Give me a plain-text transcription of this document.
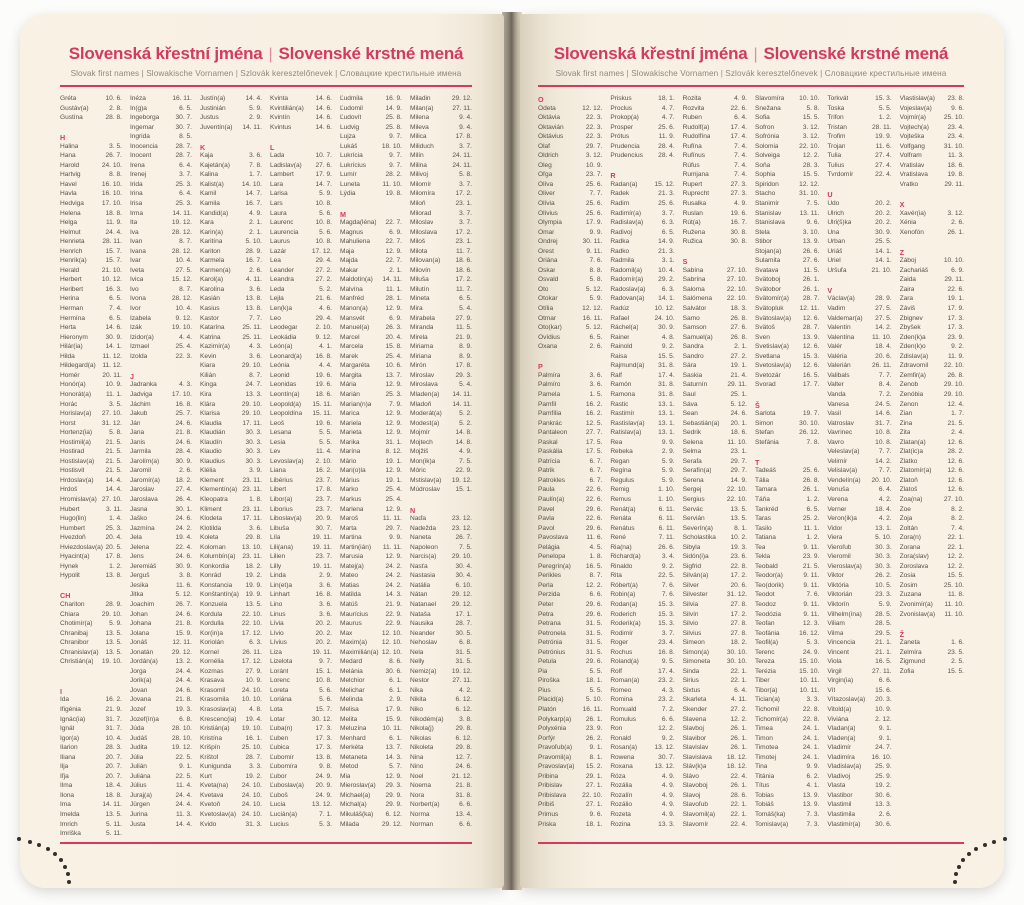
Slovenská křestní jména | Slovenské krstné mená
Slovak first names | Slowakische Vornamen | Szlovák keresztelőnevek | Словацкие крестильные имена
Gréta	10. 6.
Gustáv(a)	2. 8.
Gustína	28. 8.
H
Halina	3. 5.
Hana	26. 7.
Harold	24. 10.
Hartvig	8. 8.
Havel	16. 10.
Havla	16. 10.
Hedviga	17. 10.
Helena	18. 8.
Helga	11. 9.
Helmut	24. 4.
Henrieta	28. 11.
Henrich	15. 7.
Henrik(a)	15. 7.
Herald	21. 10.
Herbert	10. 12.
Heribert	16. 3.
Herina	6. 5.
Herman	7. 4.
Hermína	6. 5.
Herta	14. 6.
Hieronym	30. 9.
Hilár(ia)	14. 1.
Hilda	11. 12.
Hildegard(a) 11. 12.
Homér	20. 11.
Honór(a)	10. 9.
Honorát(a) 11. 1.
Horác	3. 5.
Horislav(a) 27. 10.
Horst	31. 12.
Hortenz(ia)	5. 8.
Hostimil(a) 21. 5.
Hostirad	21. 5.
Hostislav(a) 21. 5.
Hostisvit	21. 5.
Hrdoslav(a) 14. 4.
Hrdoš	14. 4.
Hromislav(a) 27. 10.
Hubert	3. 11.
Hugo(lin)	1. 4.
Humbert	25. 3.
Hvezdoň	20. 4.
Hviezdoslav(a) 20. 5.
Hyacint(a) 17. 8.
Hynek	1. 2.
Hypolit	13. 8.
CH
Chariton	28. 9.
Chiara	29. 10.
Chotimír(a)	5. 9.
Chranibaj	13. 5.
Chranibor	13. 5.
Chranislav(a) 13. 5.
Christián(a) 19. 10.
I
Ida	16. 2.
Ifigénia	21. 9.
Ignác(ia)	31. 7.
Ignát	31. 7.
Igor(a)	10. 4.
Ilarion	28. 3.
Iliana	20. 7.
Ilja	20. 7.
Iľja	20. 7.
Ilma	18. 4.
Ilona	18. 8.
Ima	14. 11.
Imelda	13. 5.
Imrich	5. 11.
Imriška	5. 11.
Inéza	16. 11.
In(g)a	6. 5.
Ingeborga 30. 7.
Ingemar	30. 7.
Ingrida	8. 5.
Inocencia	28. 7.
Inocent	28. 7.
Irena	6. 4.
Irenej	3. 7.
Irida	25. 3.
Irina	6. 4.
Irisa	25. 3.
Irma	14. 11.
Ita	19. 12.
Iva	28. 12.
Ivan	8. 7.
Ivana	28. 12.
Ivar	10. 4.
Iveta	27. 5.
Ivica	15. 12.
Ivo	8. 7.
Ivona	28. 12.
Ivor	10. 4.
Izabela	9. 12.
Izák	19. 10.
Izidor(a)	4. 4.
Izmael	25. 4.
Izolda	22. 3.
J
Jadranka	4. 3.
Jadviga	17. 10.
Jáchim	16. 8.
Jakub	25. 7.
Ján	24. 6.
Jana	21. 8.
Janis	24. 6.
Jarmila	28. 4.
Jarolím(a) 30. 9.
Jaromil	2. 6.
Jaromír(a) 18. 2.
Jaroslav	27. 4.
Jaroslava	26. 4.
Jasna	30. 1.
Jaško	24. 6.
Jazmína	24. 2.
Jela	19. 4.
Jelena	22. 4.
Jens	24. 6.
Jeremiáš	30. 9.
Jerguš	3. 8.
Jesika	11. 6.
Jitka	5. 12.
Joachim	26. 7.
Johan	24. 6.
Johana	21. 8.
Jolana	15. 9.
Jonáš	12. 11.
Jonatán	29. 12.
Jordán(a)	13. 2.
Jorga	24. 4.
Jorik(a)	24. 4.
Jovan	24. 6.
Jovana	21. 8.
Jozef	19. 3.
Jozef(ín)a	6. 8.
Júda	28. 10.
Judáš	28. 10.
Judita	19. 12.
Júlia	22. 5.
Julián	9. 1.
Juliána	22. 5.
Július	11. 4.
Juraj(a)	24. 4.
Jürgen	24. 4.
Jurina	11. 3.
Justa	14. 4.
Justín(a)	14. 4.
Justinián	5. 9.
Justus	2. 9.
Juventín(a) 14. 11.
K
Kaja	3. 6.
Kajetán(a)	7. 8.
Kalina	1. 7.
Kalist(a)	14. 10.
Kamil	14. 7.
Kamila	16. 7.
Kandid(a)	4. 9.
Kara	2. 1.
Karin(a)	2. 1.
Karitína	5. 10.
Kariton	28. 9.
Karmela	16. 7.
Karmen(a)	2. 6.
Karol(a)	4. 11.
Karolína	3. 6.
Kasián	13. 8.
Kasius	13. 8.
Kastor	7. 7.
Katarína	25. 11.
Katrina	25. 11.
Kazimír(a)	4. 3.
Kevin	3. 6.
Kiara	29. 10.
Kilián	8. 7.
Kinga	24. 7.
Kira	13. 3.
Klára	29. 10.
Klarisa	29. 10.
Klaudia	17. 11.
Klaudián	30. 3.
Klaudín	30. 3.
Klaudio	30. 3.
Klaudius	30. 3.
Klélia	3. 9.
Klement	23. 11.
Klementín(a) 23. 11.
Kleopatra	1. 8.
Kliment	23. 11.
Klodeta	17. 11.
Klotilda	3. 6.
Koleta	29. 8.
Koloman 13. 10.
Kolumbín(a) 23. 11.
Konkordia 18. 2.
Konrád	19. 2.
Konstancia 19. 9.
Konštantín(a) 19. 9.
Konzuela	13. 5.
Kordula	22. 10.
Kordulla	22. 10.
Kor(in)a	17. 12.
Koriolán	6. 3.
Kornel	26. 11.
Kornélia	17. 12.
Kozmas	27. 9.
Krasava	10. 9.
Krasomil	24. 10.
Krasomila 10. 10.
Krasoslav(a) 4. 8.
Krescenc(ia) 19. 4.
Kristián(a) 19. 10.
Kristína	16. 1.
Krišpín	25. 10.
Krištof	28. 7.
Kunigunda	3. 3.
Kurt	19. 2.
Kveta(na) 24. 10.
Kvetava	24. 10.
Kvetoň	24. 10.
Kvetoslav(a) 24. 10.
Kvido	31. 3.
Kvinta	14. 6.
Kvintilián(a) 14. 6.
Kvintín	14. 6.
Kvintus	14. 6.
L
Lada	10. 7.
Ladislav(a) 27. 6.
Lambert	17. 9.
Lara	14. 7.
Larisa	5. 9.
Lars	10. 8.
Laura	5. 6.
Laurenc	10. 8.
Laurencia	5. 6.
Laurus	10. 8.
Lazár	17. 12.
Lea	29. 4.
Leander	27. 2.
Leandra	27. 2.
Leda	5. 2.
Lejla	21. 6.
Len(k)a	4. 6.
Leo	29. 4.
Leodegar	2. 10.
Leokádia	9. 12.
León(a)	4. 1.
Leonard(a) 16. 8.
Leónia	4. 4.
Leonid	19. 6.
Leonidas	19. 6.
Leontín(a) 18. 6.
Leopold(a) 15. 11.
Leopoldína 15. 11.
Leoš	19. 6.
Lesana	5. 5.
Lesia	5. 5.
Lev	11. 4.
Levoslav(a) 2. 10.
Liana	16. 2.
Libérius	23. 7.
Libert	17. 8.
Libor(a)	23. 7.
Liborius	23. 7.
Liboslav(a) 20. 9.
Libuša	30. 7.
Líla	19. 11.
Lili(ana)	19. 11.
Lilien	23. 7.
Lilly	19. 11.
Linda	2. 9.
Lin(et)a	3. 6.
Linhart	16. 8.
Lino	3. 6.
Linus	3. 6.
Lívia	20. 2.
Lívio	20. 2.
Lívius	20. 2.
Liza	19. 11.
Lizelota	9. 7.
Loránt	15. 1.
Lorenc	10. 8.
Loreta	5. 6.
Loriána	5. 6.
Lota	15. 7.
Lotar	30. 12.
Ľuba(n)	17. 3.
Ľuben	17. 3.
Ľubica	17. 3.
Ľubomír	13. 8.
Ľubomíra	9. 8.
Ľubor	24. 9.
Ľuboslav(a) 20. 9.
Ľuboš	24. 9.
Lucia	13. 12.
Lucián(a)	7. 1.
Lucius	5. 3.
Ľudmila	16. 9.
Ľudomil	14. 9.
Ľudovít	25. 8.
Ludvig	25. 8.
Lujza	9. 7.
Lukáš	18. 10.
Lukrícia	9. 7.
Lukrícius	9. 7.
Lumír	28. 2.
Luneta	11. 10.
Lýdia	19. 8.
M
Magda(léna) 22. 7.
Magnus	6. 9.
Mahuliena 22. 7.
Maja	12. 9.
Majda	22. 7.
Makar	2. 1.
Maldotín(a) 14. 11.
Malvína	11. 1.
Manfréd	28. 1.
Manon(a)	12. 9.
Mansvét	6. 9.
Manuel(a) 26. 3.
Marcel	20. 4.
Marcela	15. 8.
Marek	25. 4.
Margaréta 10. 6.
Margita	13. 7.
Mária	12. 9.
Marián	25. 3.
Marian(n)a	7. 9.
Marica	12. 9.
Mariela	12. 9.
Marieta	12. 9.
Marika	31. 1.
Marína	8. 12.
Mário	19. 1.
Mari(o)la	12. 9.
Márius	19. 1.
Marko	25. 4.
Markus	25. 4.
Marlena	12. 9.
Maroš	11. 11.
Marta	29. 7.
Martina	9. 9.
Martin(ián) 11. 11.
Marusia	12. 9.
Matej(a)	24. 2.
Mateo	24. 2.
Matias	24. 2.
Matilda	14. 3.
Matúš	21. 9.
Maurícius	22. 9.
Maurus	22. 9.
Max	12. 10.
Maxim(a) 12. 10.
Maximilián(a) 12. 10.
Medard	8. 6.
Melánia	30. 6.
Melchior	6. 1.
Melichar	6. 1.
Melinda	2. 9.
Melisa	17. 9.
Melita	15. 9.
Meluzína 10. 11.
Menhard	6. 1.
Merkéta	13. 7.
Metaneta	14. 3.
Metod	5. 7.
Mia	12. 9.
Mieroslav(a) 29. 3.
Michael(a) 29. 9.
Michal(a)	29. 9.
Mikuláš(ka) 6. 12.
Milada	29. 12.
Miladin	29. 12.
Milan(a)	27. 11.
Milena	9. 4.
Mileva	9. 4.
Milica	17. 8.
Miliduch	3. 7.
Milín	24. 11.
Milina	24. 11.
Milivoj	5. 8.
Milomír	3. 7.
Milomíra	17. 2.
Miloň	23. 1.
Milorad	3. 7.
Miloslav	3. 7.
Miloslava	17. 2.
Miloš	23. 1.
Milota	11. 7.
Milovan(a) 18. 6.
Milovín	18. 6.
Miluša	17. 2.
Milutín	11. 7.
Mineta	6. 5.
Mira	5. 4.
Mirabela	27. 9.
Miranda	11. 5.
Mirela	21. 9.
Miriama	8. 9.
Miriana	8. 9.
Mirón	17. 8.
Miroslav	29. 3.
Miroslava	5. 4.
Mladen(a) 14. 11.
Mladoň	14. 11.
Moderát(a)	5. 2.
Modest(a)	5. 2.
Mojmír	14. 8.
Mojtech	14. 8.
Mojžiš	4. 9.
Mon(ik)a	7. 5.
Móric	22. 9.
Mstislav(a) 19. 12.
Múdroslav 15. 1.
N
Naďa	23. 12.
Nadežda 23. 12.
Naneta	26. 7.
Napoleon	7. 5.
Narcis(a) 29. 10.
Nasťa	30. 4.
Nastasia	30. 4.
Natália	6. 10.
Nátan	29. 12.
Natanael 29. 12.
Nataša	17. 1.
Nausika	28. 7.
Neander	30. 5.
Nehoslav	6. 8.
Nela	31. 5.
Nelly	31. 5.
Nemiz(a) 19. 12.
Nestor	27. 11.
Nika	4. 2.
Nikita	6. 12.
Niko	6. 12.
Nikodém(a) 3. 8.
Nikola(j)	29. 8.
Nikolas	6. 12.
Nikoleta	29. 8.
Nina	12. 7.
Nino	24. 6.
Noel	21. 12.
Noema	21. 8.
Nora	31. 8.
Norbert(a)	6. 6.
Norma	13. 4.
Norman	6. 6.
Slovenská křestní jména | Slovenské krstné mená
Slovak first names | Slowakische Vornamen | Szlovák keresztelőnevek | Словацкие крестильные имена
O
Odeta	12. 12.
Oktávia	22. 3.
Oktavián	22. 3.
Oktávius	22. 3.
Olaf	29. 7.
Oldrich	3. 12.
Oleg	10. 9.
Oľga	23. 7.
Olíva	25. 6.
Oliver	7. 7.
Olívia	25. 6.
Olívius	25. 6.
Olympia	17. 9.
Omar	9. 9.
Ondrej	30. 11.
Orest	9. 11.
Oriána	7. 6.
Oskar	8. 8.
Osvald	5. 8.
Oto	5. 12.
Otokar	5. 9.
Otília	12. 12.
Otmar	16. 11.
Oto(kar)	5. 12.
Ovídius	6. 5.
Oxana	2. 6.
P
Palmíra	3. 6.
Palmíro	3. 6.
Pamela	1. 5.
Pamfil	16. 2.
Pamfília	16. 2.
Pankrác	12. 5.
Pantaleon	27. 7.
Paskal	17. 5.
Paskália	17. 5.
Patrícia	6. 7.
Patrik	6. 7.
Patrokles	6. 7.
Paula	22. 6.
Paulín(a)	22. 6.
Pavel	29. 6.
Pavla	22. 6.
Pavol	29. 6.
Pavoslava	11. 6.
Pelágia	4. 5.
Penelopa	1. 8.
Peregrín(a) 16. 5.
Perikles	8. 7.
Perla	12. 2.
Perzida	6. 6.
Peter	29. 6.
Petra	29. 6.
Petrana	31. 5.
Petronela	31. 5.
Petrónia	31. 5.
Petrónius	31. 5.
Petula	29. 6.
Pia	5. 5.
Piroška	18. 1.
Pius	5. 5.
Placid(a)	5. 10.
Platón	16. 11.
Polykarp(a) 26. 1.
Polyxénia	23. 9.
Porfýr	26. 2.
Pravoľub(a)	9. 1.
Pravomil(a)	8. 1.
Pravoslav(a) 15. 2.
Pribina	29. 1.
Pribislav	27. 1.
Pribislava 22. 10.
Pribiš	27. 1.
Primus	9. 6.
Priska	18. 1.
Priskus	18. 1.
Proclus	4. 7.
Prokop(a)	4. 7.
Prosper	25. 6.
Prótus	11. 9.
Prudencia	28. 4.
Prudencius 28. 4.
R
Radan(a)	15. 12.
Radek	21. 3.
Radim	25. 6.
Radimír(a)	3. 7.
Radislav(a)	6. 3.
Radivoj	6. 5.
Radka	14. 9.
Radko	21. 3.
Radmila	3. 1.
Radomil(a) 10. 4.
Radomír(a) 29. 2.
Radoslav(a) 6. 3.
Radovan(a) 14. 1.
Radúz	10. 12.
Rafael	24. 10.
Ráchel(a)	30. 9.
Rainer	4. 8.
Rainold	9. 2.
Raisa	15. 5.
Rajmund(a) 31. 8.
Ralf	17. 4.
Ramón	31. 8.
Ramona	31. 8.
Rastic	13. 1.
Rastimír	13. 1.
Rastislav(a) 13. 1.
Ratislav(a)	13. 1.
Rea	9. 9.
Rebeka	2. 9.
Regan	5. 9.
Regína	5. 9.
Regulus	5. 9.
Remig	1. 10.
Remus	1. 10.
Renát(a)	6. 11.
Renáta	6. 11.
Renátus	6. 11.
René	7. 11.
Ria(na)	26. 6.
Richard(a)	3. 4.
Rinaldo	9. 2.
Rita	22. 5.
Róbert(a)	7. 6.
Robin(a)	7. 6.
Rodan(a)	15. 3.
Roderich	15. 3.
Roderik(a)	15. 3.
Rodimír	3. 7.
Roger	23. 4.
Rochus	16. 8.
Roland(a)	9. 5.
Rolf	17. 4.
Roman(a)	23. 2.
Romeo	4. 3.
Romina	23. 2.
Romuald	7. 2.
Romulus	6. 6.
Ron	12. 2.
Ronald	9. 2.
Rosan(a)	13. 12.
Rowena	30. 7.
Roxana	13. 12.
Róza	4. 9.
Rozália	4. 9.
Rozalín	4. 9.
Rozálio	4. 9.
Rozeta	4. 9.
Rozina	13. 3.
Rozita	4. 9.
Rozvita	22. 6.
Ruben	6. 4.
Rudolf(a)	17. 4.
Rudolfína	17. 4.
Rufína	7. 4.
Rufínus	7. 4.
Rúfus	7. 4.
Rumjana	7. 4.
Rupert	27. 3.
Ruprecht	27. 3.
Rusalka	4. 9.
Ruslan	19. 6.
Rút(a)	16. 7.
Ružena	30. 8.
Ružica	30. 8.
S
Sabína	27. 10.
Sabrína	27. 10.
Saloma	22. 10.
Salómena 22. 10.
Salvátor	18. 3.
Samo	26. 8.
Samson	27. 6.
Samuel(a)	26. 8.
Sandra	2. 1.
Sandro	27. 2.
Sára	19. 1.
Saskia	21. 4.
Saturnín	29. 11.
Saul	25. 1.
Sáva	5. 12.
Sean	24. 6.
Sebastián(a) 20. 1.
Sedrik	18. 6.
Selena	11. 10.
Selma	23. 1.
Serafa	29. 7.
Serafín(a)	29. 7.
Serena	14. 9.
Sergej	22. 10.
Sergius	22. 10.
Servác	13. 5.
Servián	13. 5.
Severín(a)	8. 1.
Scholastika 10. 2.
Sibyla	19. 3.
Sidón(i)a	23. 6.
Sigfrid	22. 8.
Silván(a)	17. 2.
Silver	20. 6.
Silvester	31. 12.
Silvia	27. 8.
Silvín	17. 2.
Silvio	27. 8.
Silvius	27. 8.
Simeon	18. 2.
Simon(a)	30. 10.
Simoneta	30. 10.
Sinda	22. 1.
Sirius	22. 1.
Sixtus	6. 4.
Skarleta	4. 11.
Skender	27. 2.
Slavena	12. 2.
Slavboj	26. 1.
Slavibor	26. 1.
Slavislav	26. 1.
Slavislava 18. 12.
Sláv(k)a	18. 12.
Slávo	22. 4.
Slavoboj	26. 1.
Slavoj	28. 6.
Slavoľub	22. 1.
Slavomil(a) 22. 1.
Slavomír	22. 4.
Slavomíra 10. 10.
Snežana	5. 8.
Sofia	15. 5.
Sofron	3. 12.
Sofrónia	3. 12.
Solomia	22. 10.
Solveiga	12. 2.
Soňa	28. 3.
Sophia	15. 5.
Spiridon	12. 12.
Stacho	31. 10.
Stanimír	7. 5.
Stanislav	13. 11.
Stanislava	9. 6.
Stela	3. 10.
Stibor	13. 9.
Stojan(a)	26. 6.
Sulamita	27. 6.
Svatava	11. 5.
Svätoboj	26. 1.
Svätobor	26. 1.
Svätomír(a) 28. 7.
Svätopluk 12. 11.
Svätoslav(a) 12. 6.
Svätoš	28. 7.
Sven	13. 9.
Svetislav(a) 12. 6.
Svetlana	15. 3.
Svetoslav(a) 12. 6.
Svetozár	16. 5.
Svorad	17. 7.
Š
Šarlota	19. 7.
Šimon	30. 10.
Štefan	26. 12.
Štefánia	7. 8.
T
Tadeáš	25. 6.
Tália	26. 8.
Tamara	26. 1.
Táňa	1. 2.
Tankréd	6. 5.
Taras	25. 2.
Tasilo	11. 1.
Tatiana	1. 2.
Tea	9. 11.
Tekla	23. 9.
Teobald	21. 5.
Teodor(a)	9. 11.
Teo(dorik)	9. 11.
Teodot	7. 6.
Teodoz	9. 11.
Teodózia	9. 11.
Teofan	12. 3.
Teofánia	16. 12.
Teofil(a)	5. 3.
Terenc	24. 9.
Tereza	15. 10.
Terézia	15. 10.
Tiber	10. 11.
Tibor(a)	10. 11.
Tician(a)	3. 3.
Tichomil	22. 8.
Tichomír(a) 22. 8.
Timea	24. 1.
Timon	24. 1.
Timotea	24. 1.
Timotej	24. 1.
Tina	9. 9.
Titánia	6. 2.
Títus	4. 1.
Tobias	13. 9.
Tobiáš	13. 9.
Tomáš(ka)	7. 3.
Tomislav(a)	7. 3.
Torkvát	15. 3.
Toska	5. 5.
Trifon	1. 2.
Tristan	28. 11.
Trofim	19. 9.
Trojan	11. 6.
Tulia	27. 4.
Tulius	27. 4.
Tvrdomír	22. 4.
U
Udo	20. 2.
Ulrich	20. 2.
Ulri(š)ka	20. 2.
Una	30. 9.
Urban	25. 5.
Uriáš	14. 1.
Uriel	14. 1.
Uršuľa	21. 10.
V
Václav(a)	28. 9.
Vadim	27. 5.
Valdemar(a) 27. 5.
Valentín	14. 2.
Valentína	11. 10.
Valér	18. 4.
Valéria	20. 6.
Valerián	26. 11.
Valibals	7. 7.
Valter	8. 4.
Vanda	7. 2.
Vanesa	24. 5.
Vasil	14. 6.
Vatroslav	31. 7.
Vavrinec	10. 8.
Vavro	10. 8.
Veleslav(a)	7. 7.
Velimír	14. 2.
Velislav(a)	7. 7.
Vendelín(a) 20. 10.
Venuša	6. 4.
Verena	4. 2.
Verner	18. 4.
Veron(ik)a	4. 2.
Vidor	13. 1.
Viera	5. 10.
Vieroľub	30. 3.
Vieromil	30. 3.
Vieroslav(a) 30. 3.
Viktor	26. 2.
Viktória	10. 5.
Viktorián	23. 3.
Viktorín	5. 9.
Vilhelm(ína) 28. 5.
Viliam	28. 5.
Vilma	29. 5.
Vincencia	21. 1.
Vincent	21. 1.
Viola	16. 5.
Virgil	27. 11.
Virgin(ia)	6. 6.
Vít	15. 6.
Vítazoslav(a) 20. 3.
Vitold(a)	10. 9.
Viviána	2. 12.
Vladan(a)	9. 1.
Vladen(a)	9. 1.
Vladimír	24. 7.
Vladimíra	16. 10.
Vladislav(a) 25. 9.
Vladivoj	25. 9.
Vlasta	19. 2.
Vlastibor	30. 6.
Vlastimil	13. 3.
Vlastimila	2. 6.
Vlastimír(a) 30. 6.
Vlastislav(a) 23. 8.
Vojeslav(a)	9. 6.
Vojmír(a)	25. 10.
Vojtech(a)	23. 4.
Vojteška	23. 4.
Volfgang	31. 10.
Volfram	11. 3.
Vratislav	18. 6.
Vratislava	19. 8.
Vratko	29. 11.
X
Xavér(ia)	3. 12.
Xénia	2. 6.
Xenofón	26. 1.
Z
Záboj	10. 10.
Zachariáš	6. 9.
Zaida	29. 11.
Zaira	22. 6.
Zara	19. 1.
Záviš	17. 9.
Zbignev	17. 3.
Zbyšek	17. 3.
Zden(k)a	23. 9.
Zden(k)o	9. 2.
Zdislav(a)	11. 9.
Zdravomil 22. 10.
Zemfir(a)	26. 8.
Zenob	29. 10.
Zenóbia	29. 10.
Zenon	12. 4.
Zian	1. 7.
Zina	21. 5.
Zita	2. 4.
Zlatan(a)	12. 6.
Zlat(ic)a	28. 2.
Zlatko	12. 6.
Zlatomír(a) 12. 6.
Zlatoň	12. 6.
Zlatoš	12. 6.
Zoa(na)	27. 10.
Zoe	8. 2.
Zoja	8. 2.
Zoltán	7. 4.
Zora(n)	22. 1.
Zorana	22. 1.
Zora(slav)	12. 2.
Zoroslava	12. 2.
Zosia	15. 5.
Zosim	25. 10.
Zuzana	11. 8.
Zvonimír(a) 11. 10.
Zvonislav(a) 11. 10.
Ž
Žaneta	1. 6.
Želmíra	23. 5.
Žigmund	2. 5.
Žofia	15. 5.
